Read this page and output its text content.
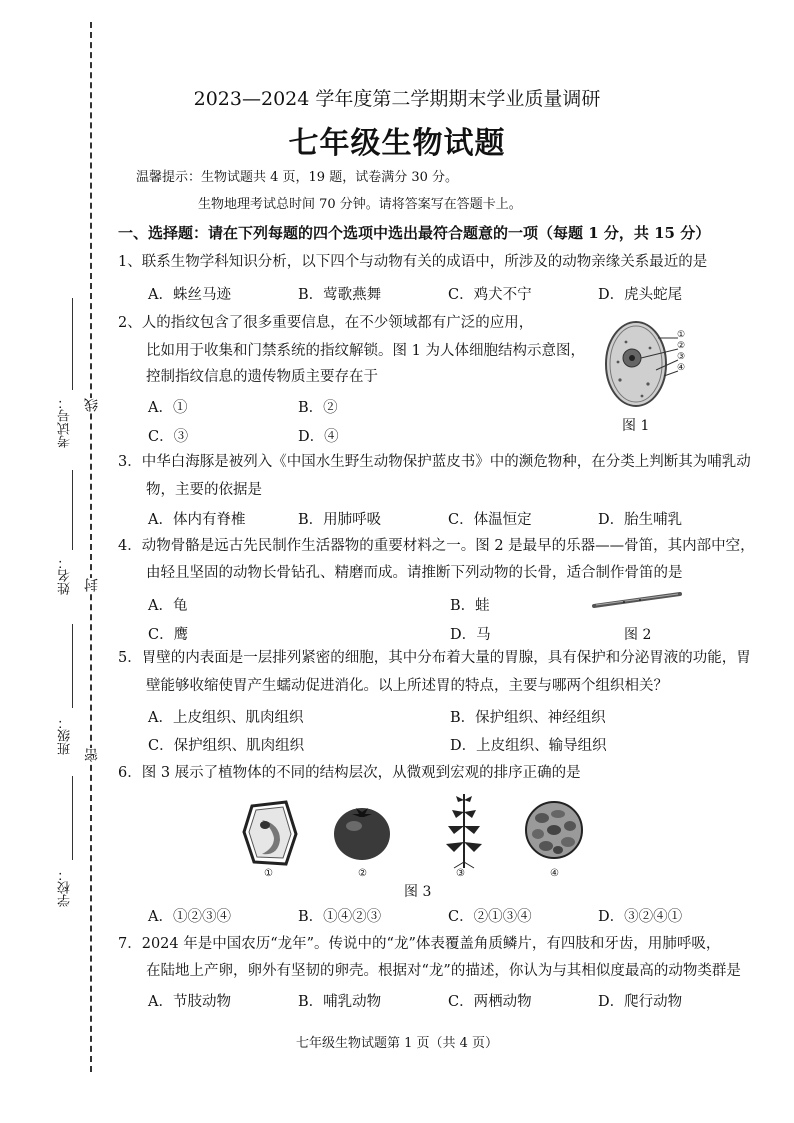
考试号： 线
姓名： 封
班级： 密
学校：
2023—2024 学年度第二学期期末学业质量调研
七年级生物试题
温馨提示：生物试题共 4 页，19 题，试卷满分 30 分。
生物地理考试总时间 70 分钟。请将答案写在答题卡上。
一、选择题：请在下列每题的四个选项中选出最符合题意的一项（每题 1 分，共 15 分）
1、联系生物学科知识分析，以下四个与动物有关的成语中，所涉及的动物亲缘关系最近的是
A．蛛丝马迹	B．莺歌燕舞	C．鸡犬不宁	D．虎头蛇尾
2、人的指纹包含了很多重要信息，在不少领域都有广泛的应用，
比如用于收集和门禁系统的指纹解锁。图 1 为人体细胞结构示意图，
控制指纹信息的遗传物质主要存在于
A．①	B．②
C．③	D．④
①
②
③
④
图 1
3．中华白海豚是被列入《中国水生野生动物保护蓝皮书》中的濒危物种，在分类上判断其为哺乳动
物，主要的依据是
A．体内有脊椎	B．用肺呼吸	C．体温恒定	D．胎生哺乳
4．动物骨骼是远古先民制作生活器物的重要材料之一。图 2 是最早的乐器——骨笛，其内部中空，
由轻且坚固的动物长骨钻孔、精磨而成。请推断下列动物的长骨，适合制作骨笛的是
A．龟	B．蛙
C．鹰	D．马	图 2
5．胃壁的内表面是一层排列紧密的细胞，其中分布着大量的胃腺，具有保护和分泌胃液的功能，胃
壁能够收缩使胃产生蠕动促进消化。以上所述胃的特点，主要与哪两个组织相关？
A．上皮组织、肌肉组织	B．保护组织、神经组织
C．保护组织、肌肉组织	D．上皮组织、输导组织
6．图 3 展示了植物体的不同的结构层次，从微观到宏观的排序正确的是
①	②	③	④
图 3
A．①②③④	B．①④②③	C．②①③④	D．③②④①
7．2024 年是中国农历“龙年”。传说中的“龙”体表覆盖角质鳞片，有四肢和牙齿，用肺呼吸，
在陆地上产卵，卵外有坚韧的卵壳。根据对“龙”的描述，你认为与其相似度最高的动物类群是
A．节肢动物	B．哺乳动物	C．两栖动物	D．爬行动物
七年级生物试题第 1 页（共 4 页）
